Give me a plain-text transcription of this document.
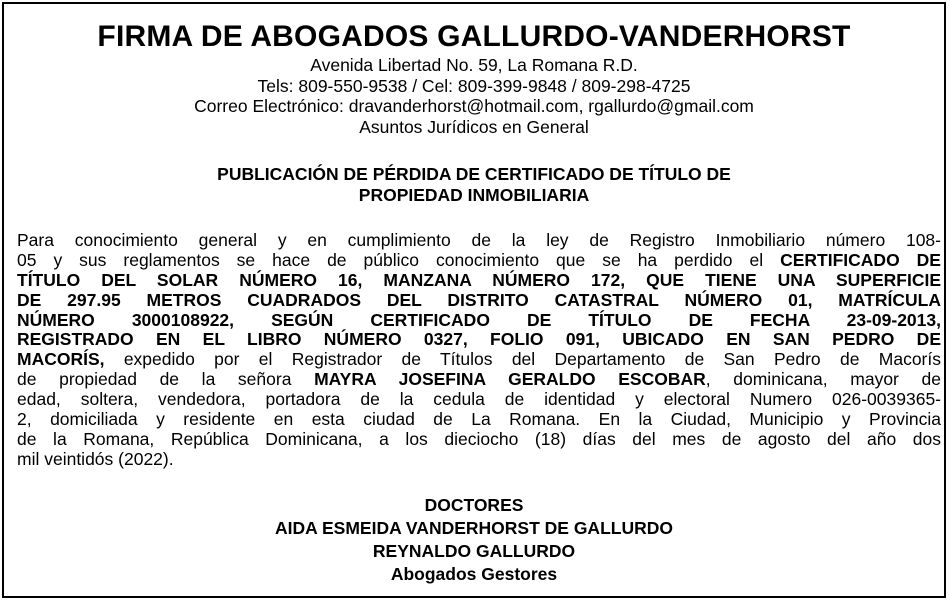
FIRMA DE ABOGADOS GALLURDO-VANDERHORST
Avenida Libertad No. 59, La Romana R.D.
Tels: 809-550-9538 / Cel: 809-399-9848 / 809-298-4725
Correo Electrónico: dravanderhorst@hotmail.com, rgallurdo@gmail.com
Asuntos Jurídicos en General
PUBLICACIÓN DE PÉRDIDA DE CERTIFICADO DE TÍTULO DE
PROPIEDAD INMOBILIARIA
Para conocimiento general y en cumplimiento de la ley de Registro Inmobiliario número 108-
05 y sus reglamentos se hace de público conocimiento que se ha perdido el CERTIFICADO DE
TÍTULO DEL SOLAR NÚMERO 16, MANZANA NÚMERO 172, QUE TIENE UNA SUPERFICIE
DE 297.95 METROS CUADRADOS DEL DISTRITO CATASTRAL NÚMERO 01, MATRÍCULA
NÚMERO 3000108922, SEGÚN CERTIFICADO DE TÍTULO DE FECHA 23-09-2013,
REGISTRADO EN EL LIBRO NÚMERO 0327, FOLIO 091, UBICADO EN SAN PEDRO DE
MACORÍS, expedido por el Registrador de Títulos del Departamento de San Pedro de Macorís
de propiedad de la señora MAYRA JOSEFINA GERALDO ESCOBAR, dominicana, mayor de
edad, soltera, vendedora, portadora de la cedula de identidad y electoral Numero 026-0039365-
2, domiciliada y residente en esta ciudad de La Romana. En la Ciudad, Municipio y Provincia
de la Romana, República Dominicana, a los dieciocho (18) días del mes de agosto del año dos
mil veintidós (2022).
DOCTORES
AIDA ESMEIDA VANDERHORST DE GALLURDO
REYNALDO GALLURDO
Abogados Gestores
